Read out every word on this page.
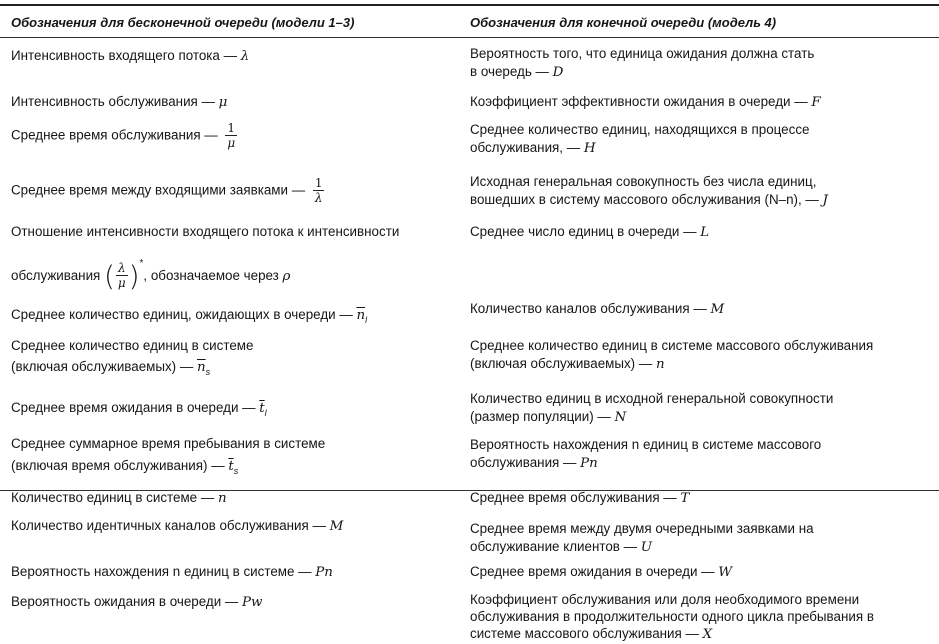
Обозначения для бесконечной очереди (модели 1–3)	Обозначения для конечной очереди (модель 4)
Интенсивность входящего потока — λ
Интенсивность обслуживания — μ
Среднее время обслуживания — $\frac{1}{\mu}$
Среднее время между входящими заявками — $\frac{1}{\lambda}$
Отношение интенсивности входящего потока к интенсивности
обслуживания ( $\frac{\lambda}{\mu} )^*$, обозначаемое через ρ
Среднее количество единиц, ожидающих в очереди — $\overline{n}_l$
Среднее количество единиц в системе
(включая обслуживаемых) — $\overline{n}_s$
Среднее время ожидания в очереди — $\overline{t}_l$
Среднее суммарное время пребывания в системе
(включая время обслуживания) — $\overline{t}_s$
Количество единиц в системе — n
Количество идентичных каналов обслуживания — M
Вероятность нахождения n единиц в системе — Pn
Вероятность ожидания в очереди — Pw
Вероятность того, что единица ожидания должна стать
в очередь — D
Коэффициент эффективности ожидания в очереди — F
Среднее количество единиц, находящихся в процессе
обслуживания, — H
Исходная генеральная совокупность без числа единиц,
вошедших в систему массового обслуживания (N–n), — J
Среднее число единиц в очереди — L
Количество каналов обслуживания — M
Среднее количество единиц в системе массового обслуживания
(включая обслуживаемых) — n
Количество единиц в исходной генеральной совокупности
(размер популяции) — N
Вероятность нахождения n единиц в системе массового
обслуживания — Pn
Среднее время обслуживания — T
Среднее время между двумя очередными заявками на
обслуживание клиентов — U
Среднее время ожидания в очереди — W
Коэффициент обслуживания или доля необходимого времени
обслуживания в продолжительности одного цикла пребывания в
системе массового обслуживания — X
